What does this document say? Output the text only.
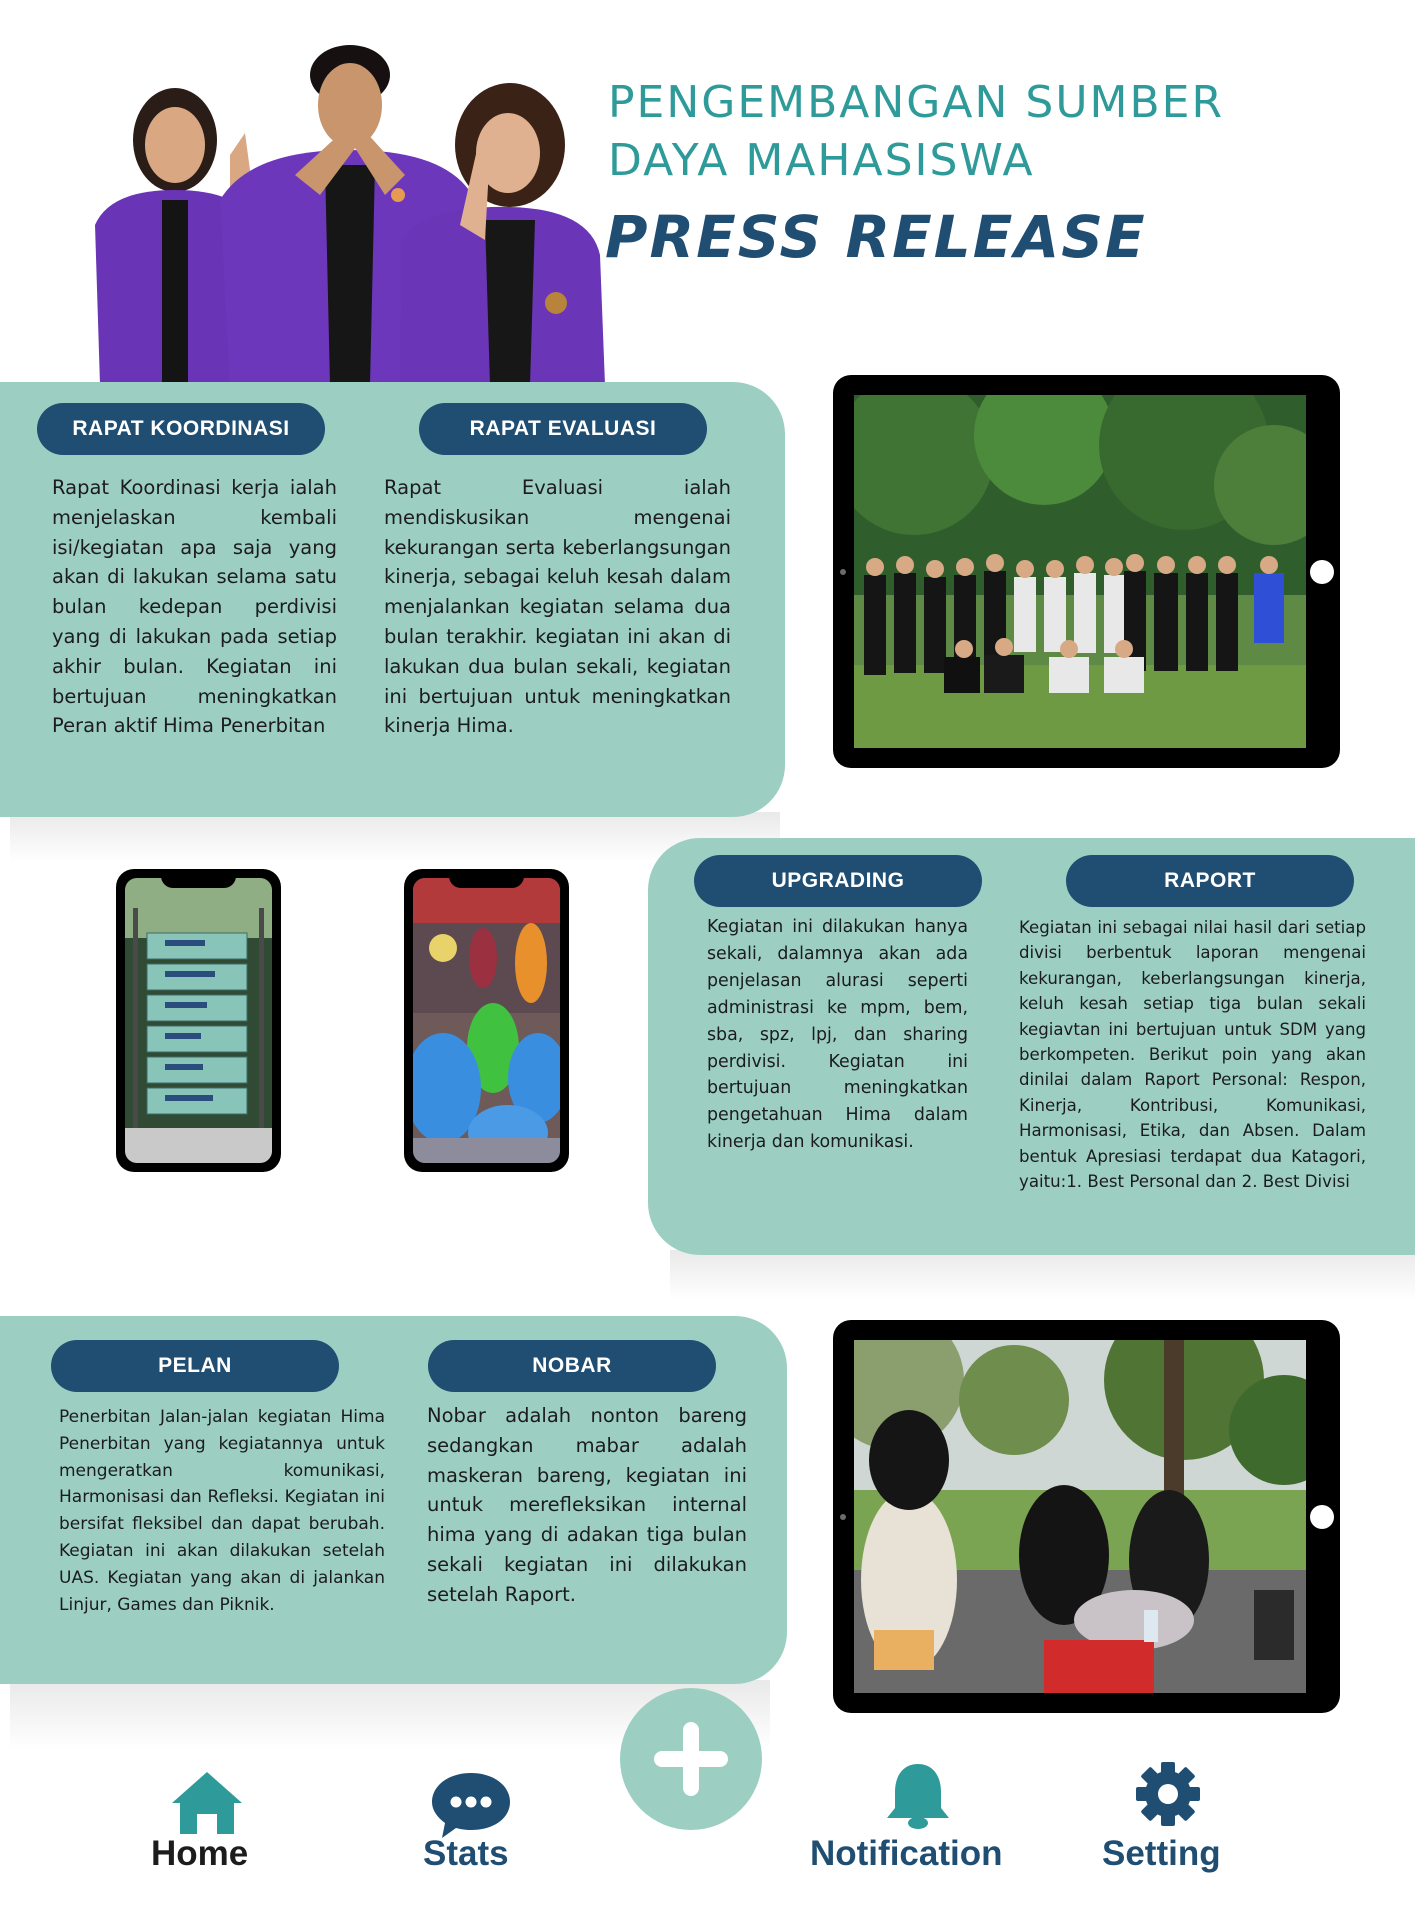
PENGEMBANGAN SUMBER
DAYA MAHASISWA
PRESS RELEASE
RAPAT KOORDINASI	RAPAT EVALUASI
Rapat Koordinasi kerja ialah menjelaskan kembali isi/kegiatan apa saja yang akan di lakukan selama satu bulan kedepan perdivisi yang di lakukan pada setiap akhir bulan. Kegiatan ini bertujuan meningkatkan Peran aktif Hima Penerbitan
Rapat Evaluasi ialah mendiskusikan mengenai kekurangan serta keberlangsungan kinerja, sebagai keluh kesah dalam menjalankan kegiatan selama dua bulan terakhir. kegiatan ini akan di lakukan dua bulan sekali, kegiatan ini bertujuan untuk meningkatkan kinerja Hima.
UPGRADING	RAPORT
Kegiatan ini dilakukan hanya sekali, dalamnya akan ada penjelasan alurasi seperti administrasi ke mpm, bem, sba, spz, lpj, dan sharing perdivisi. Kegiatan ini bertujuan meningkatkan pengetahuan Hima dalam kinerja dan komunikasi.
Kegiatan ini sebagai nilai hasil dari setiap divisi berbentuk laporan mengenai kekurangan, keberlangsungan kinerja, keluh kesah setiap tiga bulan sekali kegiavtan ini bertujuan untuk SDM yang berkompeten. Berikut poin yang akan dinilai dalam Raport Personal: Respon, Kinerja, Kontribusi, Komunikasi, Harmonisasi, Etika, dan Absen. Dalam bentuk Apresiasi terdapat dua Katagori, yaitu:1. Best Personal dan 2. Best Divisi
PELAN	NOBAR
Penerbitan Jalan-jalan kegiatan Hima Penerbitan yang kegiatannya untuk mengeratkan komunikasi, Harmonisasi dan Refleksi. Kegiatan ini bersifat fleksibel dan dapat berubah. Kegiatan ini akan dilakukan setelah UAS. Kegiatan yang akan di jalankan Linjur, Games dan Piknik.
Nobar adalah nonton bareng sedangkan mabar adalah maskeran bareng, kegiatan ini untuk merefleksikan internal hima yang di adakan tiga bulan sekali kegiatan ini dilakukan setelah Raport.
Home	Stats	Notification	Setting
